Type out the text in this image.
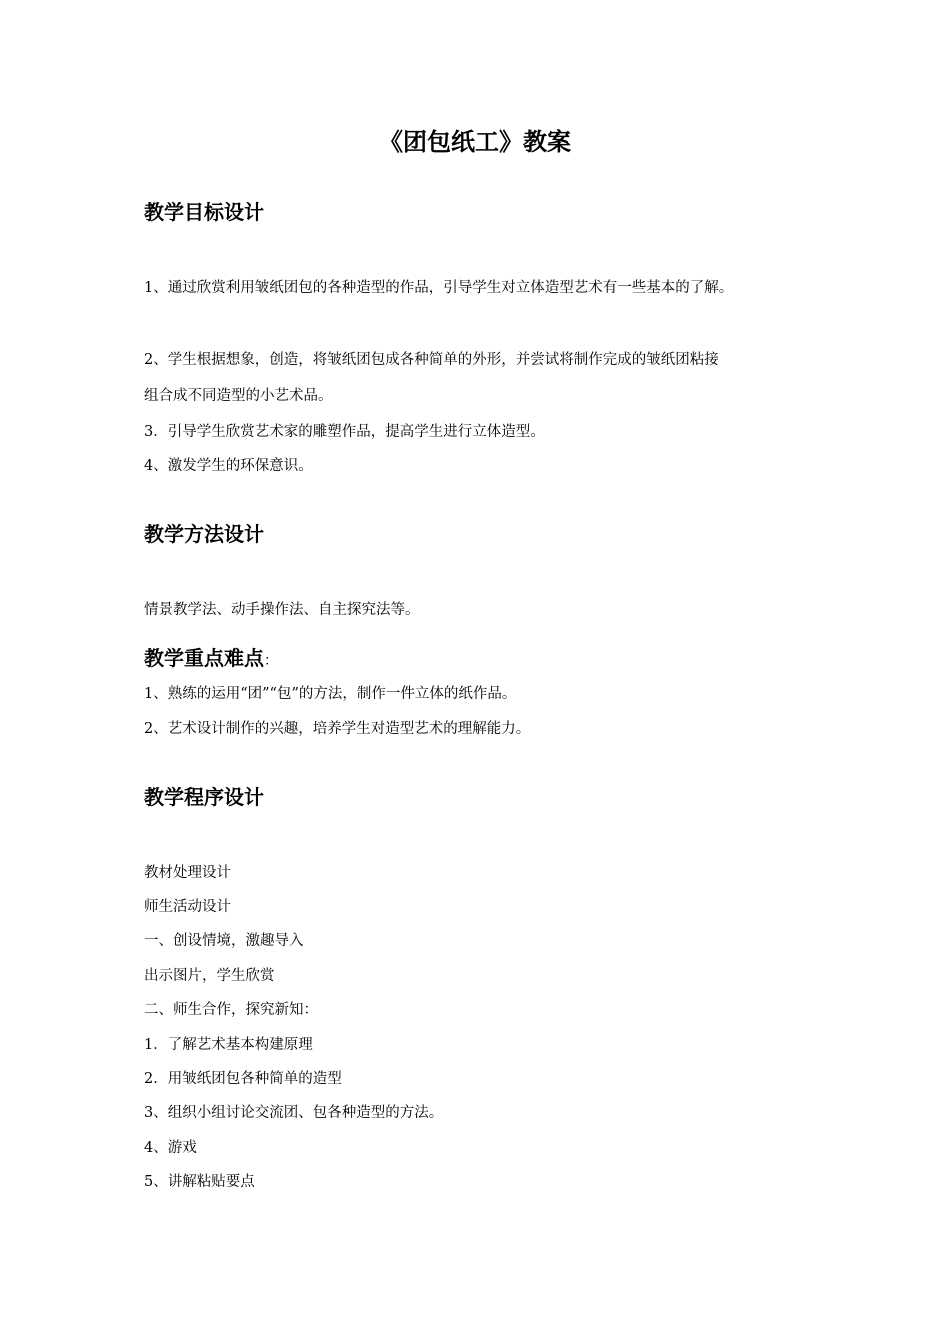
《团包纸工》教案
教学目标设计
1、通过欣赏利用皱纸团包的各种造型的作品，引导学生对立体造型艺术有一些基本的了解。
2、学生根据想象，创造，将皱纸团包成各种简单的外形，并尝试将制作完成的皱纸团粘接
组合成不同造型的小艺术品。
3．引导学生欣赏艺术家的雕塑作品，提高学生进行立体造型。
4、激发学生的环保意识。
教学方法设计
情景教学法、动手操作法、自主探究法等。
教学重点难点：
1、熟练的运用“团”“包”的方法，制作一件立体的纸作品。
2、艺术设计制作的兴趣，培养学生对造型艺术的理解能力。
教学程序设计
教材处理设计
师生活动设计
一、创设情境，激趣导入
出示图片，学生欣赏
二、师生合作，探究新知：
1．了解艺术基本构建原理
2．用皱纸团包各种简单的造型
3、组织小组讨论交流团、包各种造型的方法。
4、游戏
5、讲解粘贴要点
